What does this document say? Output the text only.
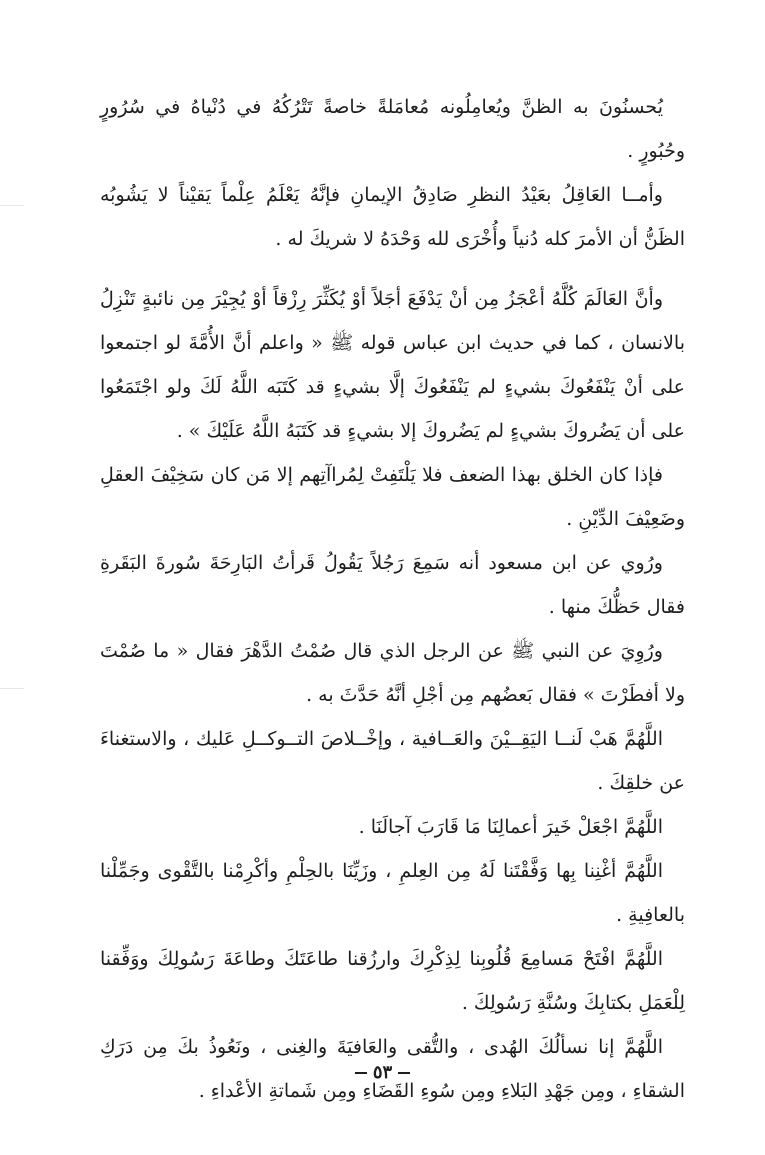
يُحسنُونَ به الظنَّ ويُعامِلُونه مُعامَلةً خاصةً تَتْرُكُهُ في دُنْياهُ في سُرُورٍ وحُبُورٍ .

وأمــا العَاقِلُ بعَيْدُ النظرِ صَادِقُ الإيمانِ فإنَّهُ يَعْلَمُ عِلْماً يَقيْناً لا يَشُوبُه الظَنُّ أن الأمرَ كله دُنياً وأُخْرَى لله وَحْدَهُ لا شريكَ له .

وأنَّ العَالَمَ كُلَّهُ أعْجَزُ مِن أنْ يَدْفَعَ أجَلاً أوْ يُكَثِّرَ رِزْقاً أوْ يُجِيْرَ مِن نائبةٍ تَنْزِلُ بالانسان ، كما في حديث ابن عباس قوله ﷺ « واعلم أنَّ الأُمَّةَ لو اجتمعوا على أنْ يَنْفَعُوكَ بشيءٍ لم يَنْفَعُوكَ إلَّا بشيءٍ قد كَتَبَه اللَّهُ لَكَ ولو اجْتَمَعُوا على أن يَضُروكَ بشيءٍ لم يَضُروكَ إلا بشيءٍ قد كَتَبَهُ اللَّهُ عَلَيْكَ » .

فإذا كان الخلق بهذا الضعف فلا يَلْتَفِتْ لِمُراآتِهم إلا مَن كان سَخِيْفَ العقلِ وضَعِيْفَ الدِّيْنِ .

ورُوي عن ابن مسعود أنه سَمِعَ رَجُلاً يَقُولُ قَرأتُ البَارِحَةَ سُورةَ البَقَرةِ فقال حَظُّكَ منها .

ورُوِيَ عن النبي ﷺ عن الرجل الذي قال صُمْتُ الدَّهْرَ فقال « ما صُمْتَ ولا أفطَرْتَ » فقال بَعضُهم مِن أجْلِ أنَّهُ حَدَّثَ به .

اللَّهُمَّ هَبْ لَنــا اليَقِــيْنَ والعَــافية ، وإخْــلاصَ التــوكــلِ عَليك ، والاستغناءَ عن خلقِكَ .

اللَّهُمَّ اجْعَلْ خَيرَ أعمالِنَا مَا قَارَبَ آجالَنَا .

اللَّهُمَّ أغْنِنا بِها وَفَّقْتَنا لَهُ مِن العِلمِ ، وزَيِّنَا بالحِلْمِ وأكْرِمْنا بالتَّقْوى وجَمِّلْنا بالعافِيةِ .

اللَّهُمَّ افْتَحْ مَسامِعَ قُلُوبِنا لِذِكْرِكَ وارزُقنا طاعَتَكَ وطاعَةَ رَسُولِكَ ووَفِّقنا لِلْعَمَلِ بكتابِكَ وسُنَّةِ رَسُولِكَ .

اللَّهُمَّ إنا نسألُكَ الهُدى ، والتُّقى والعَافيَةَ والغِنى ، ونَعُوذُ بكَ مِن دَرَكِ الشقاءِ ، ومِن جَهْدِ البَلاءِ ومِن سُوءِ القَضَاءِ ومِن شَماتةِ الأعْداءِ .

٥٣
